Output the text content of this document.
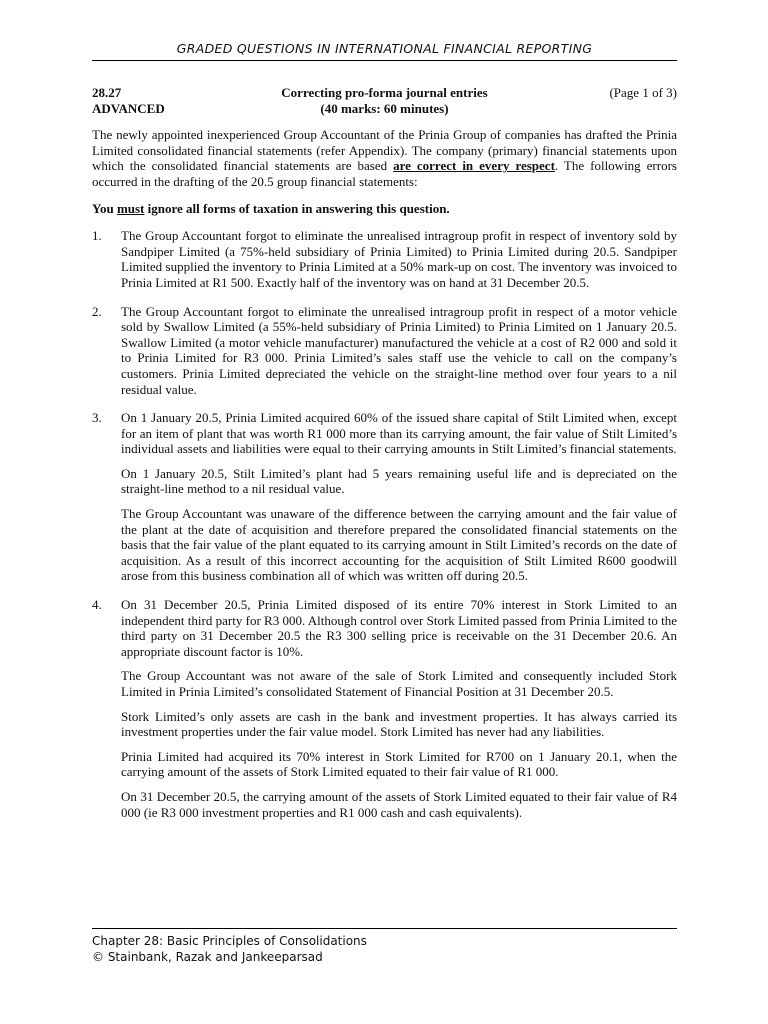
GRADED QUESTIONS IN INTERNATIONAL FINANCIAL REPORTING
28.27
ADVANCED
Correcting pro-forma journal entries
(40 marks: 60 minutes)
(Page 1 of 3)

The newly appointed inexperienced Group Accountant of the Prinia Group of companies has drafted the Prinia Limited consolidated financial statements (refer Appendix). The company (primary) financial statements upon which the consolidated financial statements are based are correct in every respect. The following errors occurred in the drafting of the 20.5 group financial statements:

You must ignore all forms of taxation in answering this question.

1.	The Group Accountant forgot to eliminate the unrealised intragroup profit in respect of inventory sold by Sandpiper Limited (a 75%-held subsidiary of Prinia Limited) to Prinia Limited during 20.5. Sandpiper Limited supplied the inventory to Prinia Limited at a 50% mark-up on cost. The inventory was invoiced to Prinia Limited at R1 500. Exactly half of the inventory was on hand at 31 December 20.5.

2.	The Group Accountant forgot to eliminate the unrealised intragroup profit in respect of a motor vehicle sold by Swallow Limited (a 55%-held subsidiary of Prinia Limited) to Prinia Limited on 1 January 20.5. Swallow Limited (a motor vehicle manufacturer) manufactured the vehicle at a cost of R2 000 and sold it to Prinia Limited for R3 000. Prinia Limited’s sales staff use the vehicle to call on the company’s customers. Prinia Limited depreciated the vehicle on the straight-line method over four years to a nil residual value.

3.	On 1 January 20.5, Prinia Limited acquired 60% of the issued share capital of Stilt Limited when, except for an item of plant that was worth R1 000 more than its carrying amount, the fair value of Stilt Limited’s individual assets and liabilities were equal to their carrying amounts in Stilt Limited’s financial statements.

On 1 January 20.5, Stilt Limited’s plant had 5 years remaining useful life and is depreciated on the straight-line method to a nil residual value.

The Group Accountant was unaware of the difference between the carrying amount and the fair value of the plant at the date of acquisition and therefore prepared the consolidated financial statements on the basis that the fair value of the plant equated to its carrying amount in Stilt Limited’s records on the date of acquisition. As a result of this incorrect accounting for the acquisition of Stilt Limited R600 goodwill arose from this business combination all of which was written off during 20.5.

4.	On 31 December 20.5, Prinia Limited disposed of its entire 70% interest in Stork Limited to an independent third party for R3 000. Although control over Stork Limited passed from Prinia Limited to the third party on 31 December 20.5 the R3 300 selling price is receivable on the 31 December 20.6. An appropriate discount factor is 10%.

The Group Accountant was not aware of the sale of Stork Limited and consequently included Stork Limited in Prinia Limited’s consolidated Statement of Financial Position at 31 December 20.5.

Stork Limited’s only assets are cash in the bank and investment properties. It has always carried its investment properties under the fair value model. Stork Limited has never had any liabilities.

Prinia Limited had acquired its 70% interest in Stork Limited for R700 on 1 January 20.1, when the carrying amount of the assets of Stork Limited equated to their fair value of R1 000.

On 31 December 20.5, the carrying amount of the assets of Stork Limited equated to their fair value of R4 000 (ie R3 000 investment properties and R1 000 cash and cash equivalents).

Chapter 28: Basic Principles of Consolidations
© Stainbank, Razak and Jankeeparsad
